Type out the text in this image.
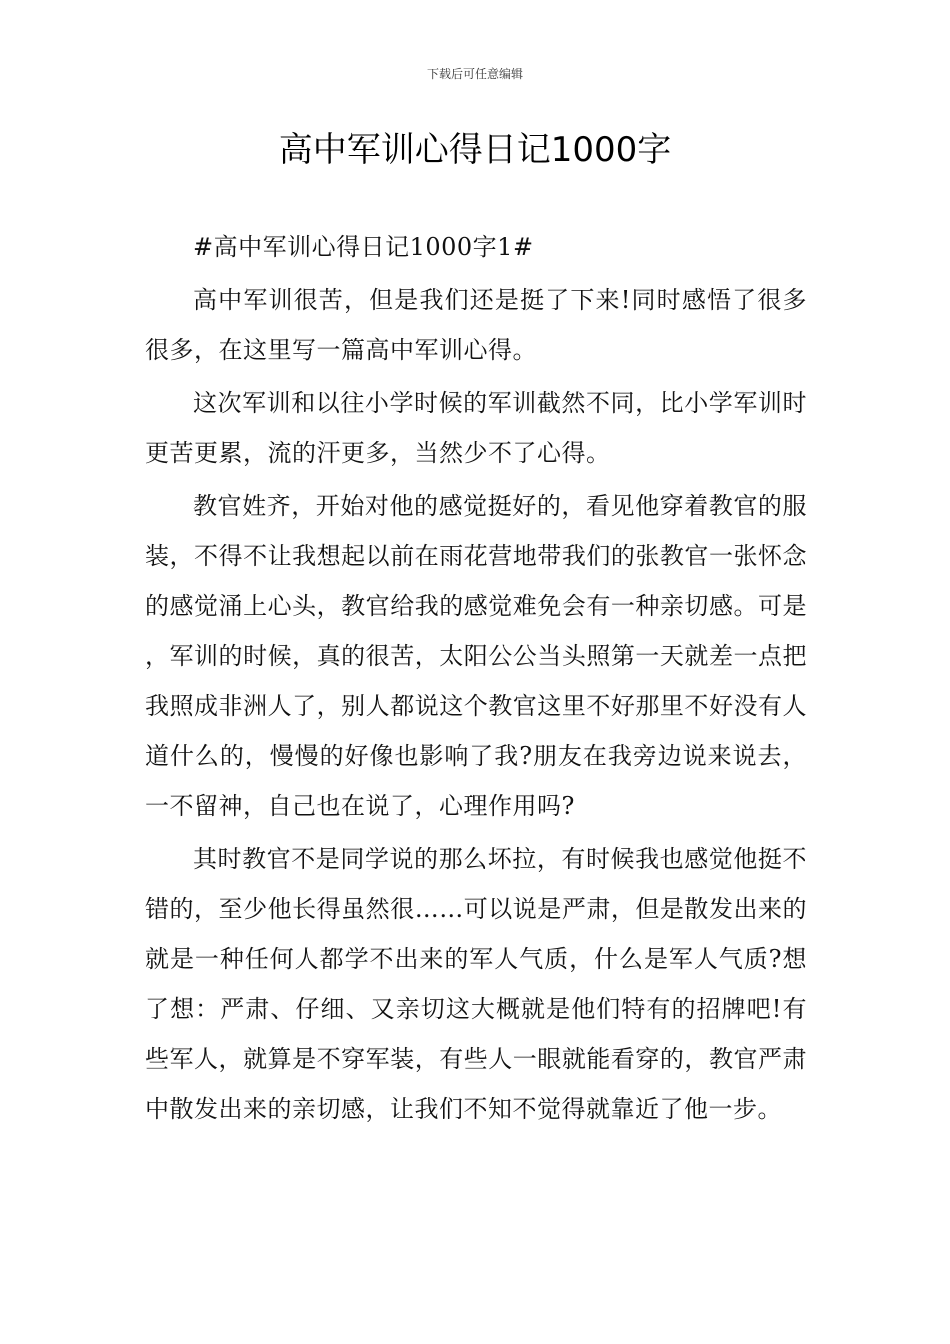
下载后可任意编辑
高中军训心得日记1000字

#高中军训心得日记1000字1#

高中军训很苦，但是我们还是挺了下来!同时感悟了很多很多，在这里写一篇高中军训心得。

这次军训和以往小学时候的军训截然不同，比小学军训时更苦更累，流的汗更多，当然少不了心得。

教官姓齐，开始对他的感觉挺好的，看见他穿着教官的服装，不得不让我想起以前在雨花营地带我们的张教官一张怀念的感觉涌上心头，教官给我的感觉难免会有一种亲切感。可是，军训的时候，真的很苦，太阳公公当头照第一天就差一点把我照成非洲人了，别人都说这个教官这里不好那里不好没有人道什么的，慢慢的好像也影响了我?朋友在我旁边说来说去，一不留神，自己也在说了，心理作用吗?

其时教官不是同学说的那么坏拉，有时候我也感觉他挺不错的，至少他长得虽然很……可以说是严肃，但是散发出来的就是一种任何人都学不出来的军人气质，什么是军人气质?想了想：严肃、仔细、又亲切这大概就是他们特有的招牌吧!有些军人，就算是不穿军装，有些人一眼就能看穿的，教官严肃中散发出来的亲切感，让我们不知不觉得就靠近了他一步。
